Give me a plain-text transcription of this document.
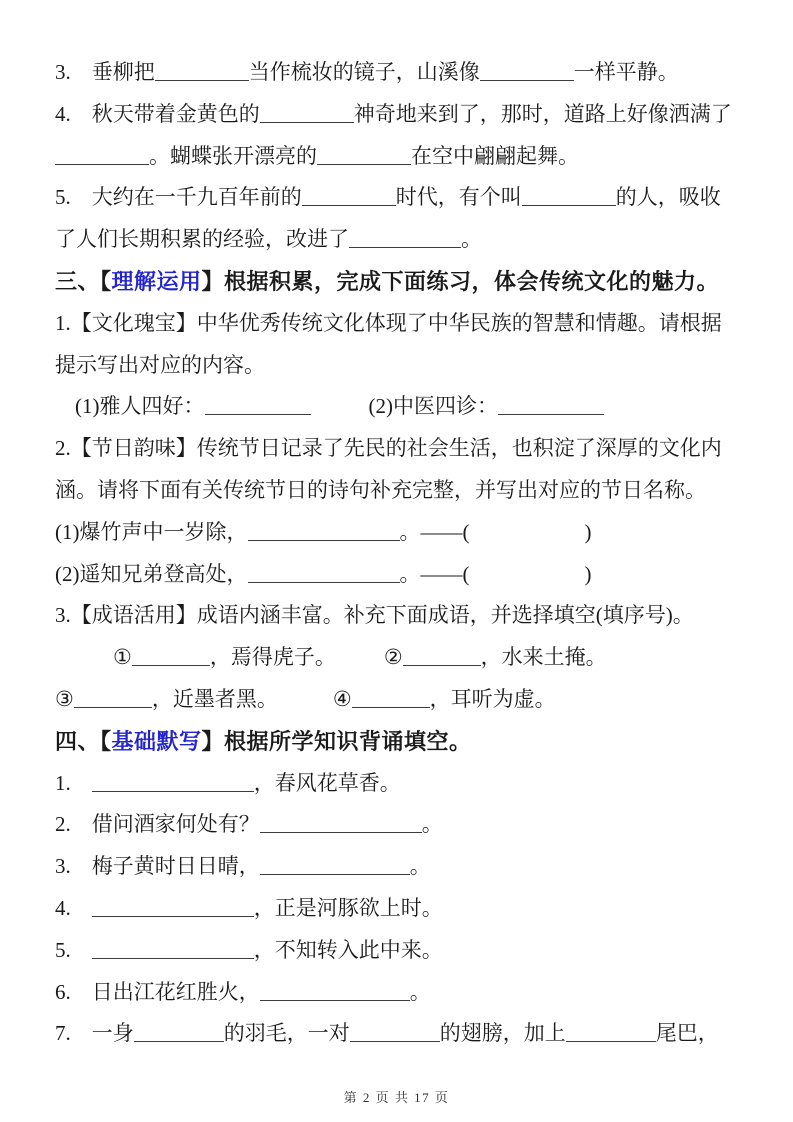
3.　垂柳把	当作梳妆的镜子，山溪像	一样平静。
4.　秋天带着金黄色的	神奇地来到了，那时，道路上好像洒满了
。蝴蝶张开漂亮的	在空中翩翩起舞。
5.　大约在一千九百年前的	时代，有个叫	的人，吸收
了人们长期积累的经验，改进了	。
三、【理解运用】根据积累，完成下面练习，体会传统文化的魅力。
1.【文化瑰宝】中华优秀传统文化体现了中华民族的智慧和情趣。请根据
提示写出对应的内容。
(1)雅人四好：	(2)中医四诊：
2.【节日韵味】传统节日记录了先民的社会生活，也积淀了深厚的文化内
涵。请将下面有关传统节日的诗句补充完整，并写出对应的节日名称。
(1)爆竹声中一岁除，	。——(	)
(2)遥知兄弟登高处，	。——(	)
3.【成语活用】成语内涵丰富。补充下面成语，并选择填空(填序号)。
①	，焉得虎子。 ②	，水来土掩。
③	，近墨者黑。	④	，耳听为虚。
四、【基础默写】根据所学知识背诵填空。
1.　	，春风花草香。
2.　借问酒家何处有？	。
3.　梅子黄时日日晴，	。
4.　	，正是河豚欲上时。
5.　	，不知转入此中来。
6.　日出江花红胜火，	。
7.　一身	的羽毛，一对	的翅膀，加上	尾巴，
第 2 页 共 17 页
